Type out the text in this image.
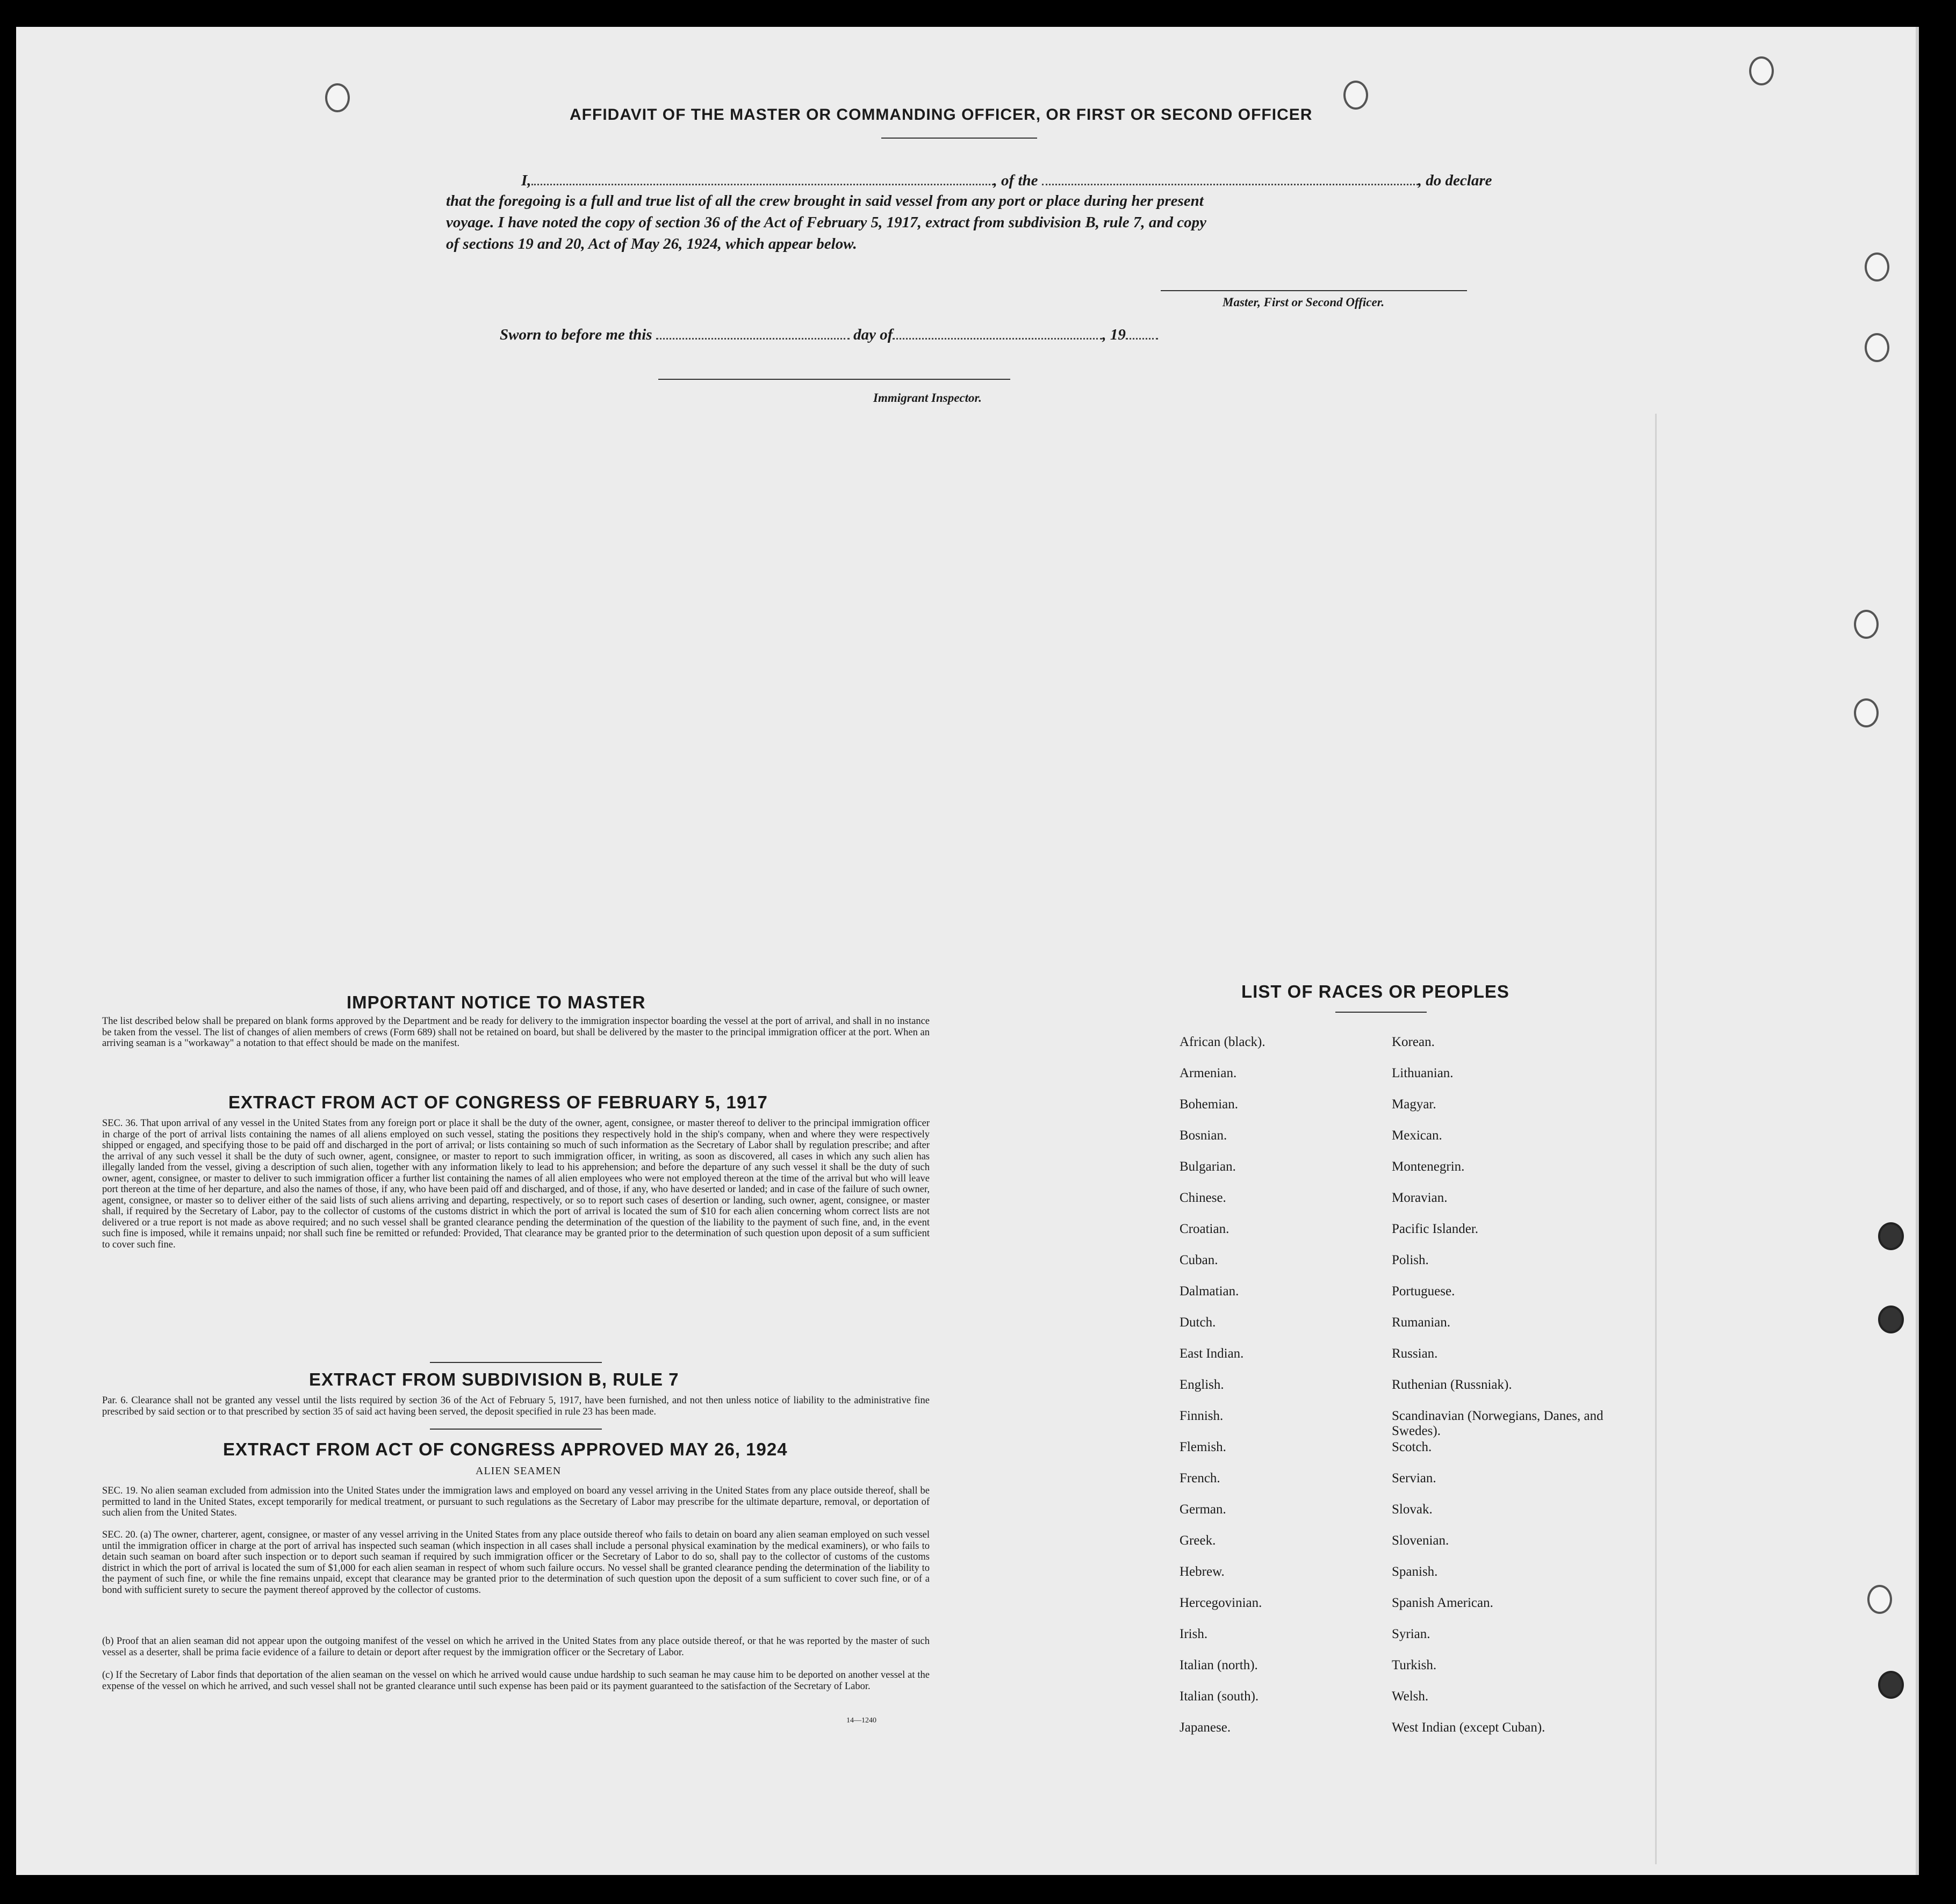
AFFIDAVIT OF THE MASTER OR COMMANDING OFFICER, OR FIRST OR SECOND OFFICER
I,	, of the	, do declare
that the foregoing is a full and true list of all the crew brought in said vessel from any port or place during her present
voyage. I have noted the copy of section 36 of the Act of February 5, 1917, extract from subdivision B, rule 7, and copy
of sections 19 and 20, Act of May 26, 1924, which appear below.
Master, First or Second Officer.
Sworn to before me this	day of	, 19
Immigrant Inspector.
IMPORTANT NOTICE TO MASTER
The list described below shall be prepared on blank forms approved by the Department and be ready for delivery to the immigration inspector boarding the vessel at the port of arrival, and shall in no instance be taken from the vessel. The list of changes of alien members of crews (Form 689) shall not be retained on board, but shall be delivered by the master to the principal immigration officer at the port. When an arriving seaman is a "workaway" a notation to that effect should be made on the manifest.
EXTRACT FROM ACT OF CONGRESS OF FEBRUARY 5, 1917
SEC. 36. That upon arrival of any vessel in the United States from any foreign port or place it shall be the duty of the owner, agent, consignee, or master thereof to deliver to the principal immigration officer in charge of the port of arrival lists containing the names of all aliens employed on such vessel, stating the positions they respectively hold in the ship's company, when and where they were respectively shipped or engaged, and specifying those to be paid off and discharged in the port of arrival; or lists containing so much of such information as the Secretary of Labor shall by regulation prescribe; and after the arrival of any such vessel it shall be the duty of such owner, agent, consignee, or master to report to such immigration officer, in writing, as soon as discovered, all cases in which any such alien has illegally landed from the vessel, giving a description of such alien, together with any information likely to lead to his apprehension; and before the departure of any such vessel it shall be the duty of such owner, agent, consignee, or master to deliver to such immigration officer a further list containing the names of all alien employees who were not employed thereon at the time of the arrival but who will leave port thereon at the time of her departure, and also the names of those, if any, who have been paid off and discharged, and of those, if any, who have deserted or landed; and in case of the failure of such owner, agent, consignee, or master so to deliver either of the said lists of such aliens arriving and departing, respectively, or so to report such cases of desertion or landing, such owner, agent, consignee, or master shall, if required by the Secretary of Labor, pay to the collector of customs of the customs district in which the port of arrival is located the sum of $10 for each alien concerning whom correct lists are not delivered or a true report is not made as above required; and no such vessel shall be granted clearance pending the determination of the question of the liability to the payment of such fine, and, in the event such fine is imposed, while it remains unpaid; nor shall such fine be remitted or refunded: Provided, That clearance may be granted prior to the determination of such question upon deposit of a sum sufficient to cover such fine.
EXTRACT FROM SUBDIVISION B, RULE 7
Par. 6. Clearance shall not be granted any vessel until the lists required by section 36 of the Act of February 5, 1917, have been furnished, and not then unless notice of liability to the administrative fine prescribed by said section or to that prescribed by section 35 of said act having been served, the deposit specified in rule 23 has been made.
EXTRACT FROM ACT OF CONGRESS APPROVED MAY 26, 1924
ALIEN SEAMEN
SEC. 19. No alien seaman excluded from admission into the United States under the immigration laws and employed on board any vessel arriving in the United States from any place outside thereof, shall be permitted to land in the United States, except temporarily for medical treatment, or pursuant to such regulations as the Secretary of Labor may prescribe for the ultimate departure, removal, or deportation of such alien from the United States.
SEC. 20. (a) The owner, charterer, agent, consignee, or master of any vessel arriving in the United States from any place outside thereof who fails to detain on board any alien seaman employed on such vessel until the immigration officer in charge at the port of arrival has inspected such seaman (which inspection in all cases shall include a personal physical examination by the medical examiners), or who fails to detain such seaman on board after such inspection or to deport such seaman if required by such immigration officer or the Secretary of Labor to do so, shall pay to the collector of customs of the customs district in which the port of arrival is located the sum of $1,000 for each alien seaman in respect of whom such failure occurs. No vessel shall be granted clearance pending the determination of the liability to the payment of such fine, or while the fine remains unpaid, except that clearance may be granted prior to the determination of such question upon the deposit of a sum sufficient to cover such fine, or of a bond with sufficient surety to secure the payment thereof approved by the collector of customs.
(b) Proof that an alien seaman did not appear upon the outgoing manifest of the vessel on which he arrived in the United States from any place outside thereof, or that he was reported by the master of such vessel as a deserter, shall be prima facie evidence of a failure to detain or deport after request by the immigration officer or the Secretary of Labor.
(c) If the Secretary of Labor finds that deportation of the alien seaman on the vessel on which he arrived would cause undue hardship to such seaman he may cause him to be deported on another vessel at the expense of the vessel on which he arrived, and such vessel shall not be granted clearance until such expense has been paid or its payment guaranteed to the satisfaction of the Secretary of Labor.
14—1240
LIST OF RACES OR PEOPLES
African (black).
Armenian.
Bohemian.
Bosnian.
Bulgarian.
Chinese.
Croatian.
Cuban.
Dalmatian.
Dutch.
East Indian.
English.
Finnish.
Flemish.
French.
German.
Greek.
Hebrew.
Hercegovinian.
Irish.
Italian (north).
Italian (south).
Japanese.
Korean.
Lithuanian.
Magyar.
Mexican.
Montenegrin.
Moravian.
Pacific Islander.
Polish.
Portuguese.
Rumanian.
Russian.
Ruthenian (Russniak).
Scandinavian (Norwegians, Danes, and Swedes).
Scotch.
Servian.
Slovak.
Slovenian.
Spanish.
Spanish American.
Syrian.
Turkish.
Welsh.
West Indian (except Cuban).
